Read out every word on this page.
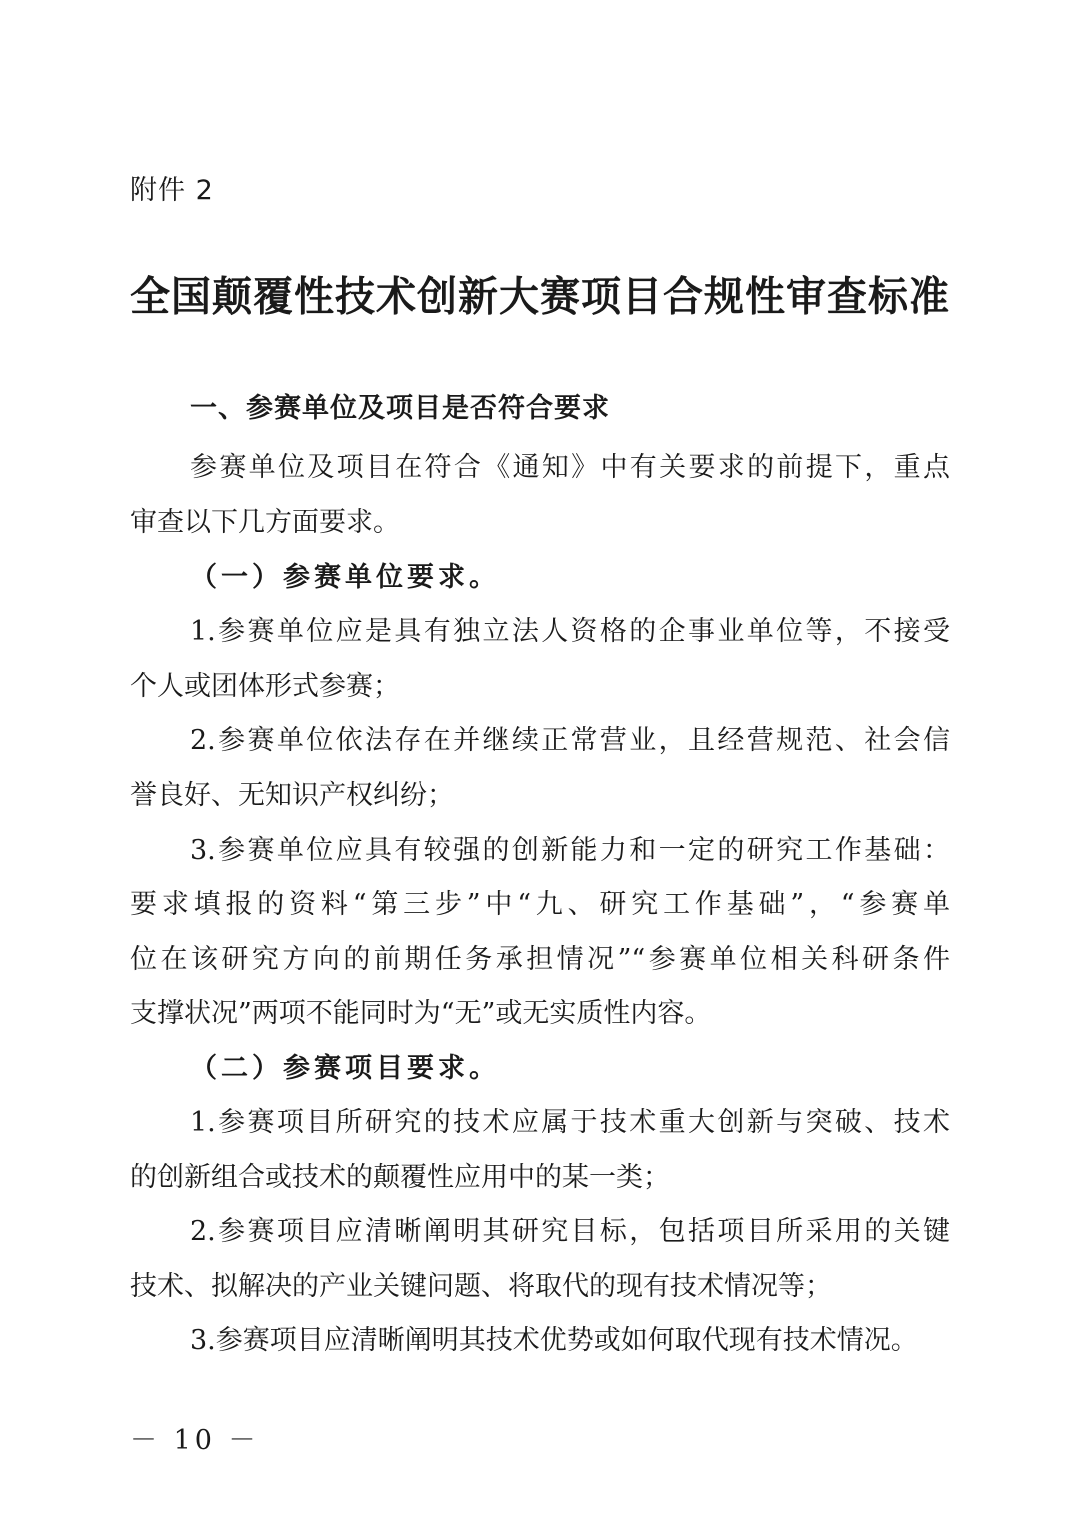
附件 2
全国颠覆性技术创新大赛项目合规性审查标准
一、参赛单位及项目是否符合要求
参赛单位及项目在符合《通知》中有关要求的前提下，重点
审查以下几方面要求。
（一）参赛单位要求。
1.参赛单位应是具有独立法人资格的企事业单位等，不接受
个人或团体形式参赛；
2.参赛单位依法存在并继续正常营业，且经营规范、社会信
誉良好、无知识产权纠纷；
3.参赛单位应具有较强的创新能力和一定的研究工作基础：
要求填报的资料“第三步”中“九、研究工作基础”，“参赛单
位在该研究方向的前期任务承担情况”“参赛单位相关科研条件
支撑状况”两项不能同时为“无”或无实质性内容。
（二）参赛项目要求。
1.参赛项目所研究的技术应属于技术重大创新与突破、技术
的创新组合或技术的颠覆性应用中的某一类；
2.参赛项目应清晰阐明其研究目标，包括项目所采用的关键
技术、拟解决的产业关键问题、将取代的现有技术情况等；
3.参赛项目应清晰阐明其技术优势或如何取代现有技术情况。
－ 10 －
